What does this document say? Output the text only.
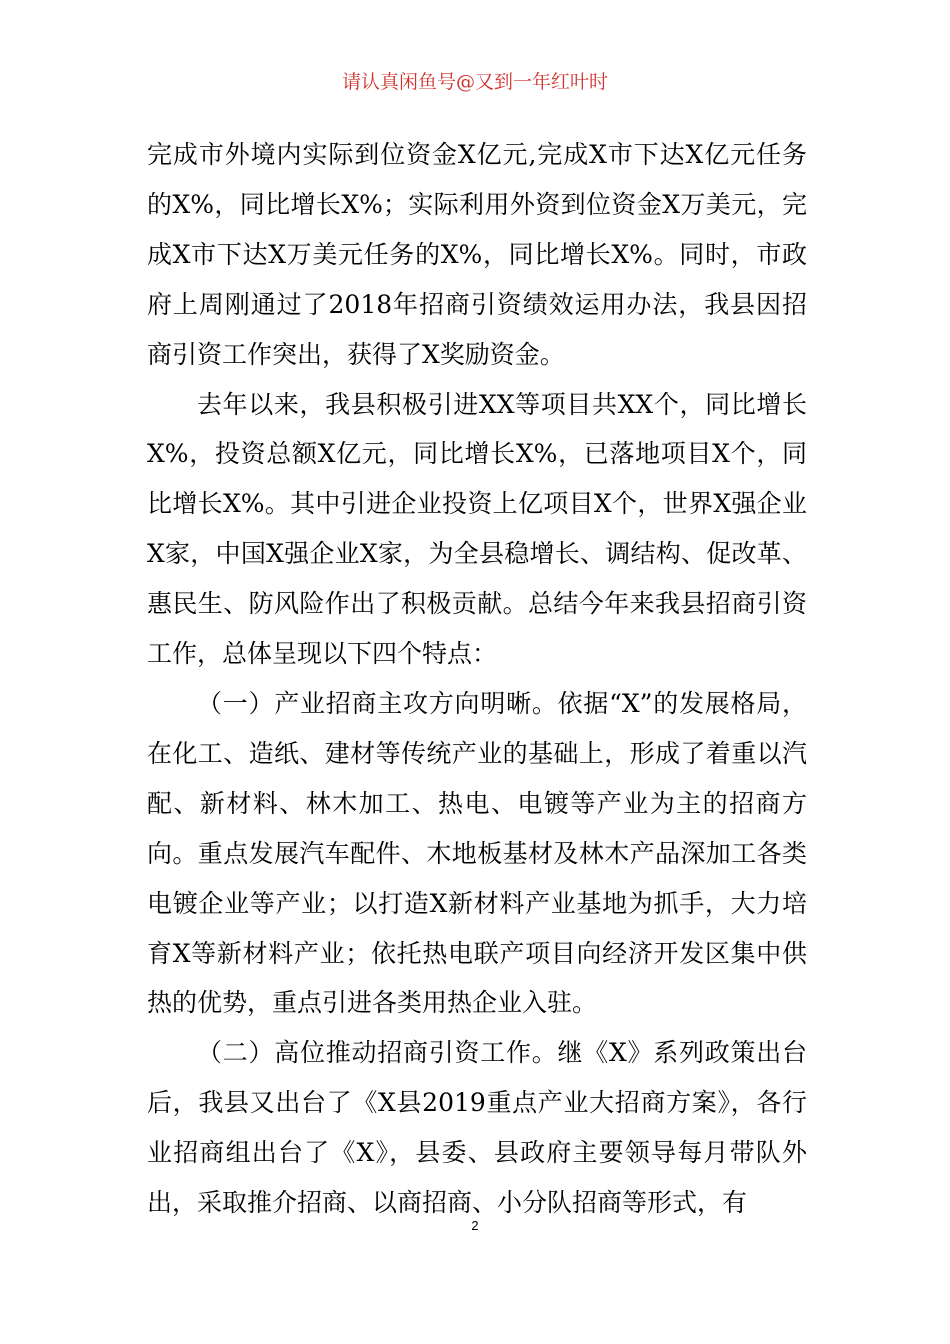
请认真闲鱼号@又到一年红叶时

完成市外境内实际到位资金X亿元,完成X市下达X亿元任务的X%，同比增长X%；实际利用外资到位资金X万美元，完成X市下达X万美元任务的X%，同比增长X%。同时，市政府上周刚通过了2018年招商引资绩效运用办法，我县因招商引资工作突出，获得了X奖励资金。

去年以来，我县积极引进XX等项目共XX个，同比增长X%，投资总额X亿元，同比增长X%，已落地项目X个，同比增长X%。其中引进企业投资上亿项目X个，世界X强企业X家，中国X强企业X家，为全县稳增长、调结构、促改革、惠民生、防风险作出了积极贡献。总结今年来我县招商引资工作，总体呈现以下四个特点：

（一）产业招商主攻方向明晰。依据“X”的发展格局，在化工、造纸、建材等传统产业的基础上，形成了着重以汽配、新材料、林木加工、热电、电镀等产业为主的招商方向。重点发展汽车配件、木地板基材及林木产品深加工各类电镀企业等产业；以打造X新材料产业基地为抓手，大力培育X等新材料产业；依托热电联产项目向经济开发区集中供热的优势，重点引进各类用热企业入驻。

（二）高位推动招商引资工作。继《X》系列政策出台后，我县又出台了《X县2019重点产业大招商方案》，各行业招商组出台了《X》，县委、县政府主要领导每月带队外出，采取推介招商、以商招商、小分队招商等形式，有

2
